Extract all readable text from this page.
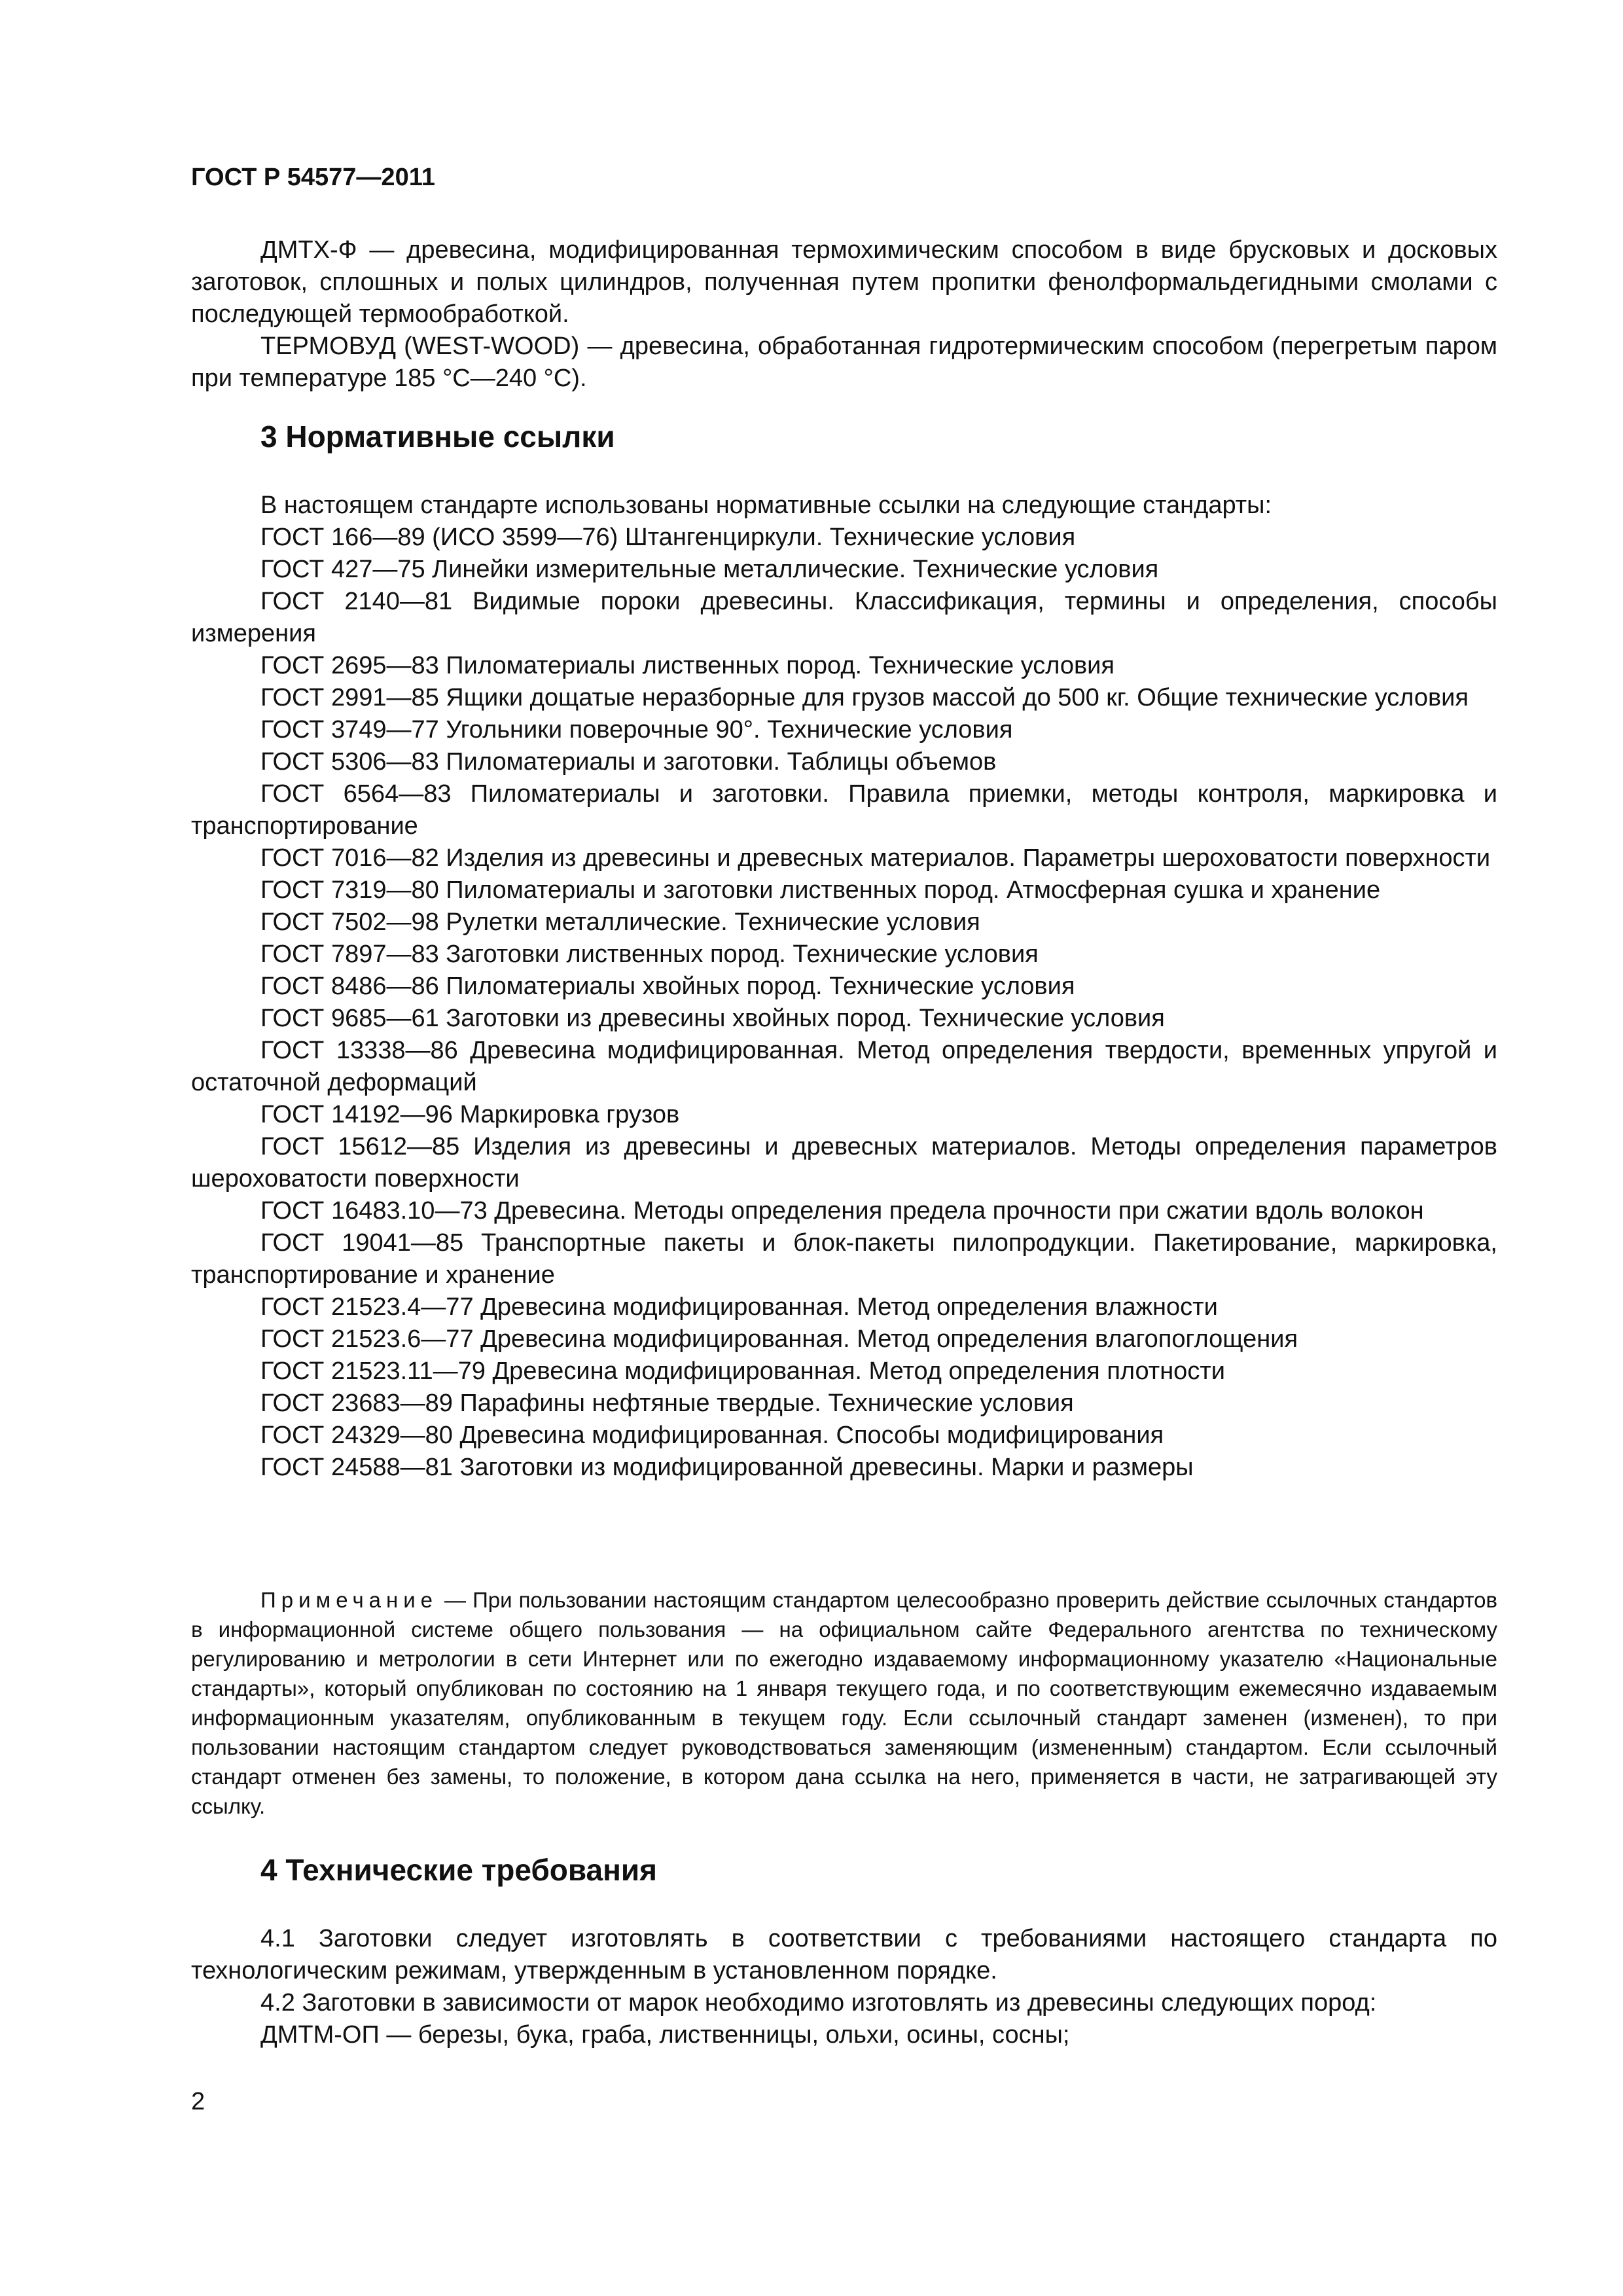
ГОСТ Р 54577—2011

ДМТХ-Ф — древесина, модифицированная термохимическим способом в виде брусковых и досковых заготовок, сплошных и полых цилиндров, полученная путем пропитки фенолформальдегидными смолами с последующей термообработкой.

ТЕРМОВУД (WEST-WOOD) — древесина, обработанная гидротермическим способом (перегретым паром при температуре 185 °С—240 °С).

3 Нормативные ссылки

В настоящем стандарте использованы нормативные ссылки на следующие стандарты:

ГОСТ 166—89 (ИСО 3599—76) Штангенциркули. Технические условия

ГОСТ 427—75 Линейки измерительные металлические. Технические условия

ГОСТ 2140—81 Видимые пороки древесины. Классификация, термины и определения, способы измерения

ГОСТ 2695—83 Пиломатериалы лиственных пород. Технические условия

ГОСТ 2991—85 Ящики дощатые неразборные для грузов массой до 500 кг. Общие технические условия

ГОСТ 3749—77 Угольники поверочные 90°. Технические условия

ГОСТ 5306—83 Пиломатериалы и заготовки. Таблицы объемов

ГОСТ 6564—83 Пиломатериалы и заготовки. Правила приемки, методы контроля, маркировка и транспортирование

ГОСТ 7016—82 Изделия из древесины и древесных материалов. Параметры шероховатости поверхности

ГОСТ 7319—80 Пиломатериалы и заготовки лиственных пород. Атмосферная сушка и хранение

ГОСТ 7502—98 Рулетки металлические. Технические условия

ГОСТ 7897—83 Заготовки лиственных пород. Технические условия

ГОСТ 8486—86 Пиломатериалы хвойных пород. Технические условия

ГОСТ 9685—61 Заготовки из древесины хвойных пород. Технические условия

ГОСТ 13338—86 Древесина модифицированная. Метод определения твердости, временных упругой и остаточной деформаций

ГОСТ 14192—96 Маркировка грузов

ГОСТ 15612—85 Изделия из древесины и древесных материалов. Методы определения параметров шероховатости поверхности

ГОСТ 16483.10—73 Древесина. Методы определения предела прочности при сжатии вдоль волокон

ГОСТ 19041—85 Транспортные пакеты и блок-пакеты пилопродукции. Пакетирование, маркировка, транспортирование и хранение

ГОСТ 21523.4—77 Древесина модифицированная. Метод определения влажности

ГОСТ 21523.6—77 Древесина модифицированная. Метод определения влагопоглощения

ГОСТ 21523.11—79 Древесина модифицированная. Метод определения плотности

ГОСТ 23683—89 Парафины нефтяные твердые. Технические условия

ГОСТ 24329—80 Древесина модифицированная. Способы модифицирования

ГОСТ 24588—81 Заготовки из модифицированной древесины. Марки и размеры

Примечание — При пользовании настоящим стандартом целесообразно проверить действие ссылочных стандартов в информационной системе общего пользования — на официальном сайте Федерального агентства по техническому регулированию и метрологии в сети Интернет или по ежегодно издаваемому информационному указателю «Национальные стандарты», который опубликован по состоянию на 1 января текущего года, и по соответствующим ежемесячно издаваемым информационным указателям, опубликованным в текущем году. Если ссылочный стандарт заменен (изменен), то при пользовании настоящим стандартом следует руководствоваться заменяющим (измененным) стандартом. Если ссылочный стандарт отменен без замены, то положение, в котором дана ссылка на него, применяется в части, не затрагивающей эту ссылку.

4 Технические требования

4.1 Заготовки следует изготовлять в соответствии с требованиями настоящего стандарта по технологическим режимам, утвержденным в установленном порядке.

4.2 Заготовки в зависимости от марок необходимо изготовлять из древесины следующих пород:

ДМТМ-ОП — березы, бука, граба, лиственницы, ольхи, осины, сосны;

2
